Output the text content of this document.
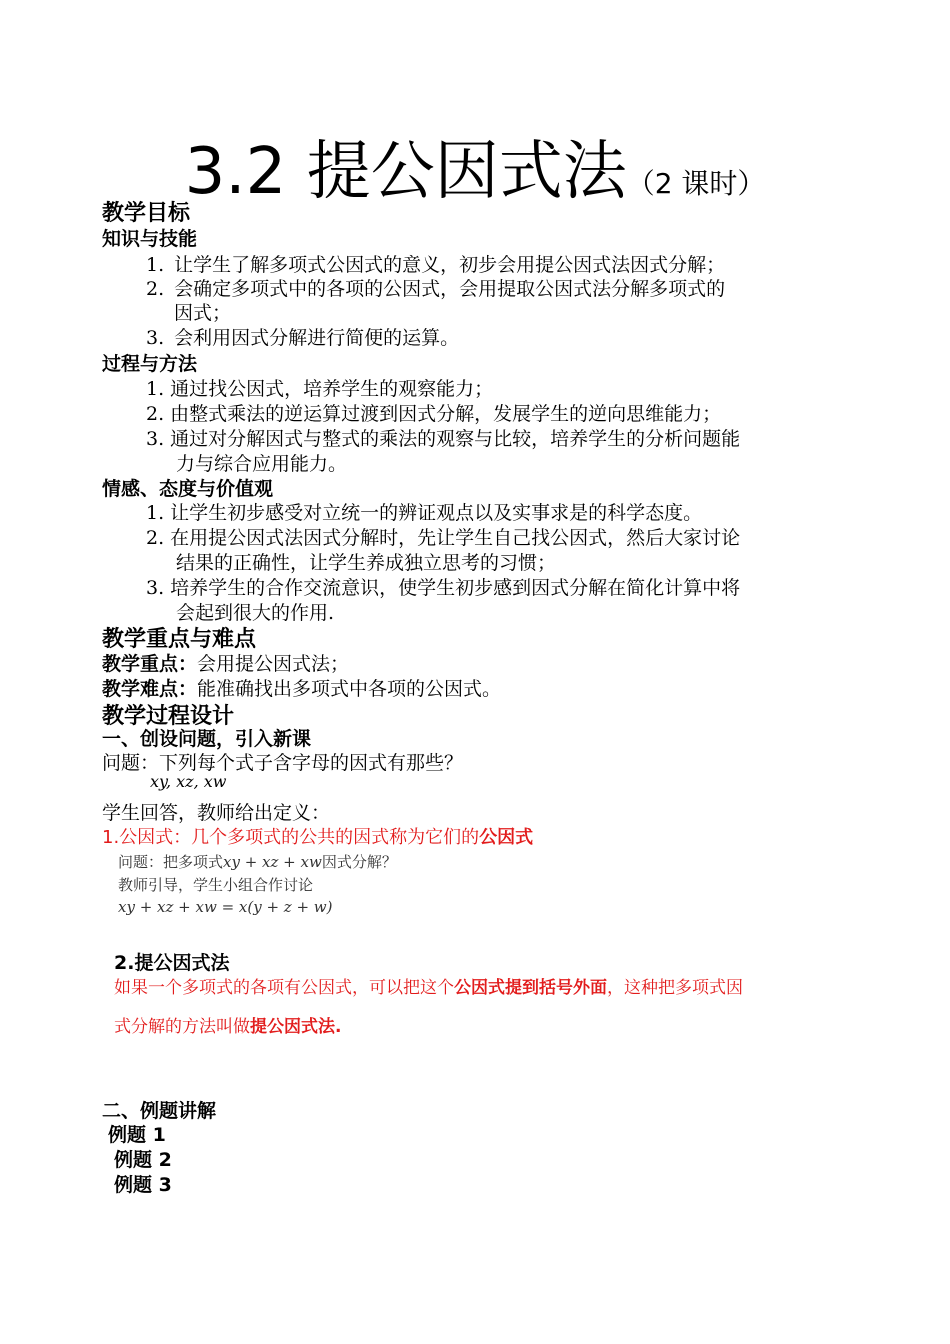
3.2 提公因式法（2 课时）
教学目标
知识与技能
1. 让学生了解多项式公因式的意义，初步会用提公因式法因式分解；
2. 会确定多项式中的各项的公因式，会用提取公因式法分解多项式的
因式；
3. 会利用因式分解进行简便的运算。
过程与方法
1. 通过找公因式，培养学生的观察能力；
2. 由整式乘法的逆运算过渡到因式分解，发展学生的逆向思维能力；
3. 通过对分解因式与整式的乘法的观察与比较，培养学生的分析问题能
力与综合应用能力。
情感、态度与价值观
1. 让学生初步感受对立统一的辨证观点以及实事求是的科学态度。
2. 在用提公因式法因式分解时，先让学生自己找公因式，然后大家讨论
结果的正确性，让学生养成独立思考的习惯；
3. 培养学生的合作交流意识，使学生初步感到因式分解在简化计算中将
会起到很大的作用.
教学重点与难点
教学重点：会用提公因式法；
教学难点：能准确找出多项式中各项的公因式。
教学过程设计
一、创设问题，引入新课
问题：下列每个式子含字母的因式有那些？
xy, xz, xw
学生回答，教师给出定义：
1.公因式：几个多项式的公共的因式称为它们的公因式
问题：把多项式xy + xz + xw因式分解？
教师引导，学生小组合作讨论
xy + xz + xw = x(y + z + w)
2.提公因式法
如果一个多项式的各项有公因式，可以把这个公因式提到括号外面，这种把多项式因
式分解的方法叫做提公因式法.
二、例题讲解
例题 1
例题 2
例题 3
